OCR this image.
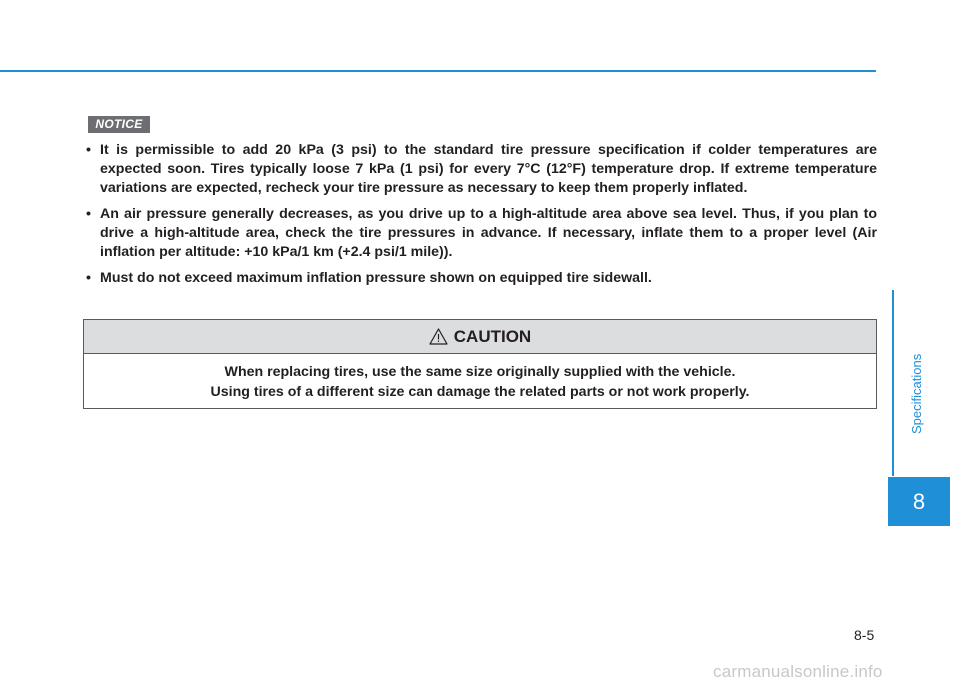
NOTICE
• It is permissible to add 20 kPa (3 psi) to the standard tire pressure specification if colder temperatures are expected soon. Tires typically loose 7 kPa (1 psi) for every 7°C (12°F) temperature drop. If extreme temperature variations are expected, recheck your tire pressure as necessary to keep them properly inflated.
• An air pressure generally decreases, as you drive up to a high-altitude area above sea level. Thus, if you plan to drive a high-altitude area, check the tire pressures in advance. If necessary, inflate them to a proper level (Air inflation per altitude: +10 kPa/1 km (+2.4 psi/1 mile)).
• Must do not exceed maximum inflation pressure shown on equipped tire sidewall.
CAUTION
When replacing tires, use the same size originally supplied with the vehicle.
Using tires of a different size can damage the related parts or not work properly.	Specifications
8
8-5
carmanualsonline.info
